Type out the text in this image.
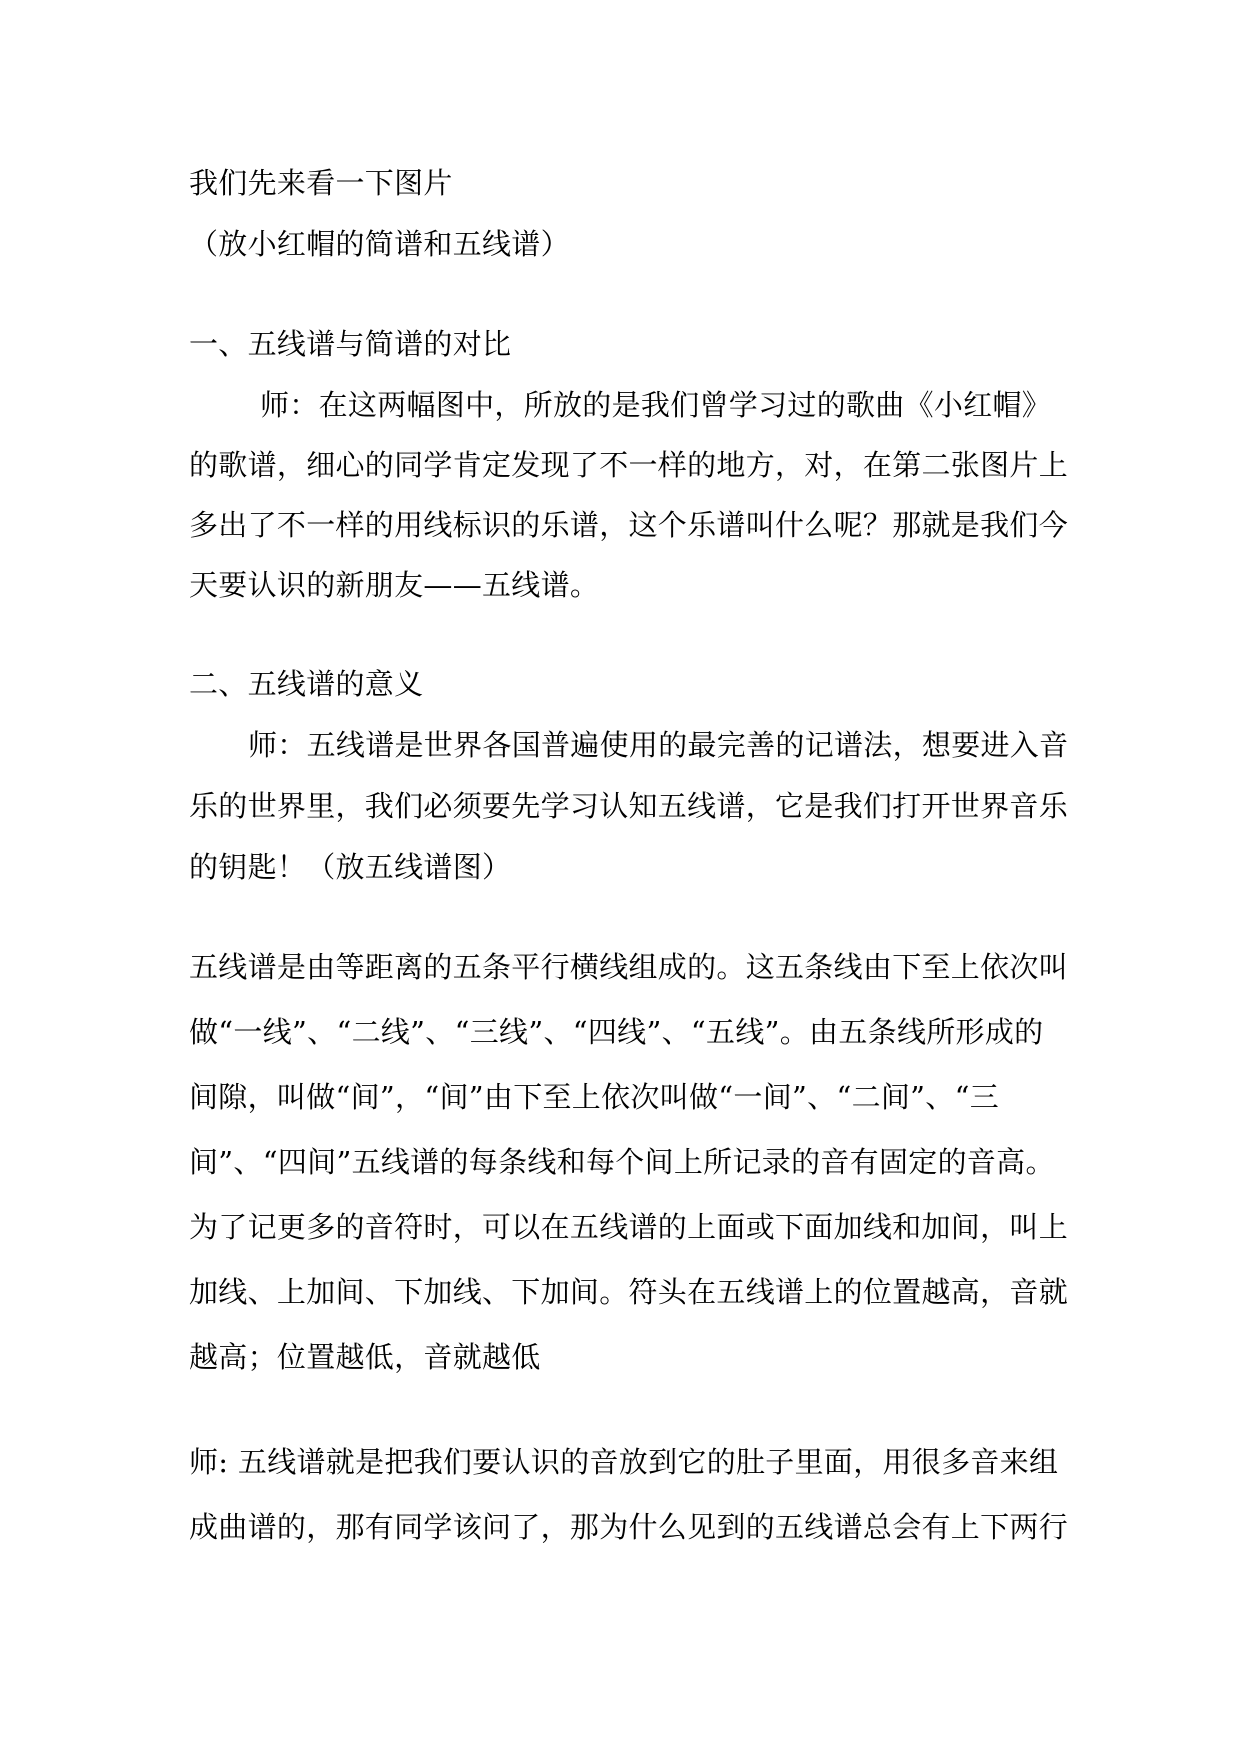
我们先来看一下图片
（放小红帽的简谱和五线谱）
一、五线谱与简谱的对比
师：在这两幅图中，所放的是我们曾学习过的歌曲《小红帽》
的歌谱，细心的同学肯定发现了不一样的地方，对，在第二张图片上
多出了不一样的用线标识的乐谱，这个乐谱叫什么呢？那就是我们今
天要认识的新朋友——五线谱。
二、五线谱的意义
师：五线谱是世界各国普遍使用的最完善的记谱法，想要进入音
乐的世界里，我们必须要先学习认知五线谱，它是我们打开世界音乐
的钥匙！（放五线谱图）
五线谱是由等距离的五条平行横线组成的。这五条线由下至上依次叫
做“一线”、“二线”、“三线”、“四线”、“五线”。由五条线所形成的
间隙，叫做“间”，“间”由下至上依次叫做“一间”、“二间”、“三
间”、“四间”五线谱的每条线和每个间上所记录的音有固定的音高。
为了记更多的音符时，可以在五线谱的上面或下面加线和加间，叫上
加线、上加间、下加线、下加间。符头在五线谱上的位置越高，音就
越高；位置越低，音就越低
师: 五线谱就是把我们要认识的音放到它的肚子里面，用很多音来组
成曲谱的，那有同学该问了，那为什么见到的五线谱总会有上下两行
